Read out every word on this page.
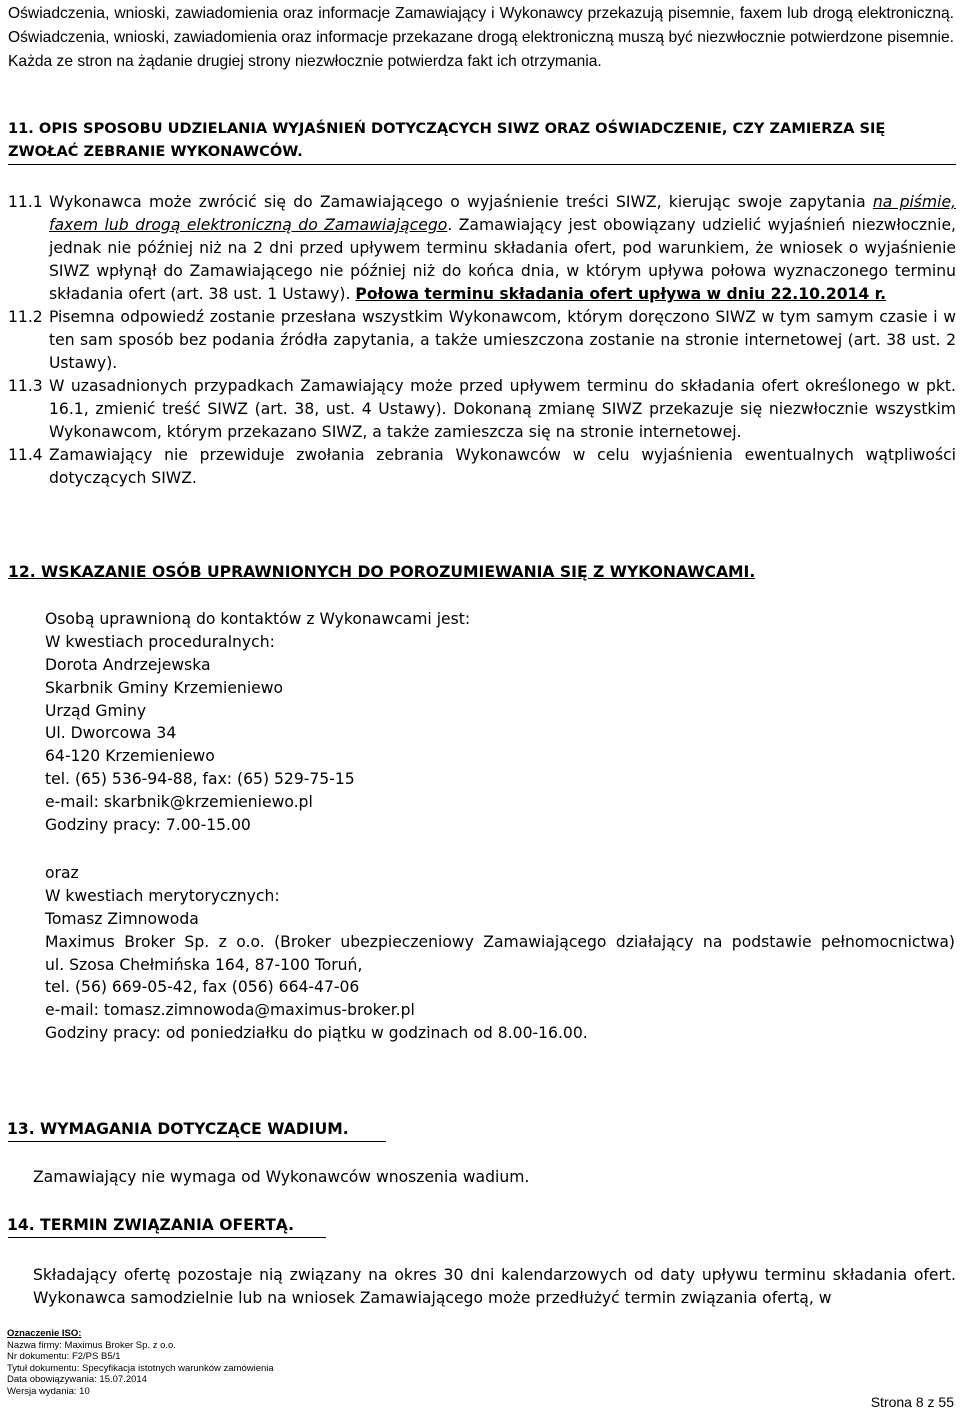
Oświadczenia, wnioski, zawiadomienia oraz informacje Zamawiający i Wykonawcy przekazują pisemnie, faxem lub drogą elektroniczną. Oświadczenia, wnioski, zawiadomienia oraz informacje przekazane drogą elektroniczną muszą być niezwłocznie potwierdzone pisemnie. Każda ze stron na żądanie drugiej strony niezwłocznie potwierdza fakt ich otrzymania.

11. OPIS SPOSOBU UDZIELANIA WYJAŚNIEŃ DOTYCZĄCYCH SIWZ ORAZ OŚWIADCZENIE, CZY ZAMIERZA SIĘ ZWOŁAĆ ZEBRANIE WYKONAWCÓW.
11.1 Wykonawca może zwrócić się do Zamawiającego o wyjaśnienie treści SIWZ, kierując swoje zapytania na piśmie, faxem lub drogą elektroniczną do Zamawiającego. Zamawiający jest obowiązany udzielić wyjaśnień niezwłocznie, jednak nie później niż na 2 dni przed upływem terminu składania ofert, pod warunkiem, że wniosek o wyjaśnienie SIWZ wpłynął do Zamawiającego nie później niż do końca dnia, w którym upływa połowa wyznaczonego terminu składania ofert (art. 38 ust. 1 Ustawy). Połowa terminu składania ofert upływa w dniu 22.10.2014 r.
11.2 Pisemna odpowiedź zostanie przesłana wszystkim Wykonawcom, którym doręczono SIWZ w tym samym czasie i w ten sam sposób bez podania źródła zapytania, a także umieszczona zostanie na stronie internetowej (art. 38 ust. 2 Ustawy).
11.3 W uzasadnionych przypadkach Zamawiający może przed upływem terminu do składania ofert określonego w pkt. 16.1, zmienić treść SIWZ (art. 38, ust. 4 Ustawy). Dokonaną zmianę SIWZ przekazuje się niezwłocznie wszystkim Wykonawcom, którym przekazano SIWZ, a także zamieszcza się na stronie internetowej.
11.4 Zamawiający nie przewiduje zwołania zebrania Wykonawców w celu wyjaśnienia ewentualnych wątpliwości dotyczących SIWZ.
12. WSKAZANIE OSÓB UPRAWNIONYCH DO POROZUMIEWANIA SIĘ Z WYKONAWCAMI.
Osobą uprawnioną do kontaktów z Wykonawcami jest:
W kwestiach proceduralnych:
Dorota Andrzejewska
Skarbnik Gminy Krzemieniewo
Urząd Gminy
Ul. Dworcowa 34
64-120 Krzemieniewo
tel. (65) 536-94-88, fax: (65) 529-75-15
e-mail: skarbnik@krzemieniewo.pl
Godziny pracy: 7.00-15.00
oraz
W kwestiach merytorycznych:
Tomasz Zimnowoda
Maximus Broker Sp. z o.o. (Broker ubezpieczeniowy Zamawiającego działający na podstawie pełnomocnictwa)
ul. Szosa Chełmińska 164, 87-100 Toruń,
tel. (56) 669-05-42, fax (056) 664-47-06
e-mail: tomasz.zimnowoda@maximus-broker.pl
Godziny pracy: od poniedziałku do piątku w godzinach od 8.00-16.00.
13. WYMAGANIA DOTYCZĄCE WADIUM.

Zamawiający nie wymaga od Wykonawców wnoszenia wadium.

14. TERMIN ZWIĄZANIA OFERTĄ.

Składający ofertę pozostaje nią związany na okres 30 dni kalendarzowych od daty upływu terminu składania ofert. Wykonawca samodzielnie lub na wniosek Zamawiającego może przedłużyć termin związania ofertą, w

Oznaczenie ISO:
Nazwa firmy: Maximus Broker Sp. z o.o.
Nr dokumentu: F2/PS B5/1
Tytuł dokumentu: Specyfikacja istotnych warunków zamówienia
Data obowiązywania: 15.07.2014
Wersja wydania: 10
Strona 8 z 55
